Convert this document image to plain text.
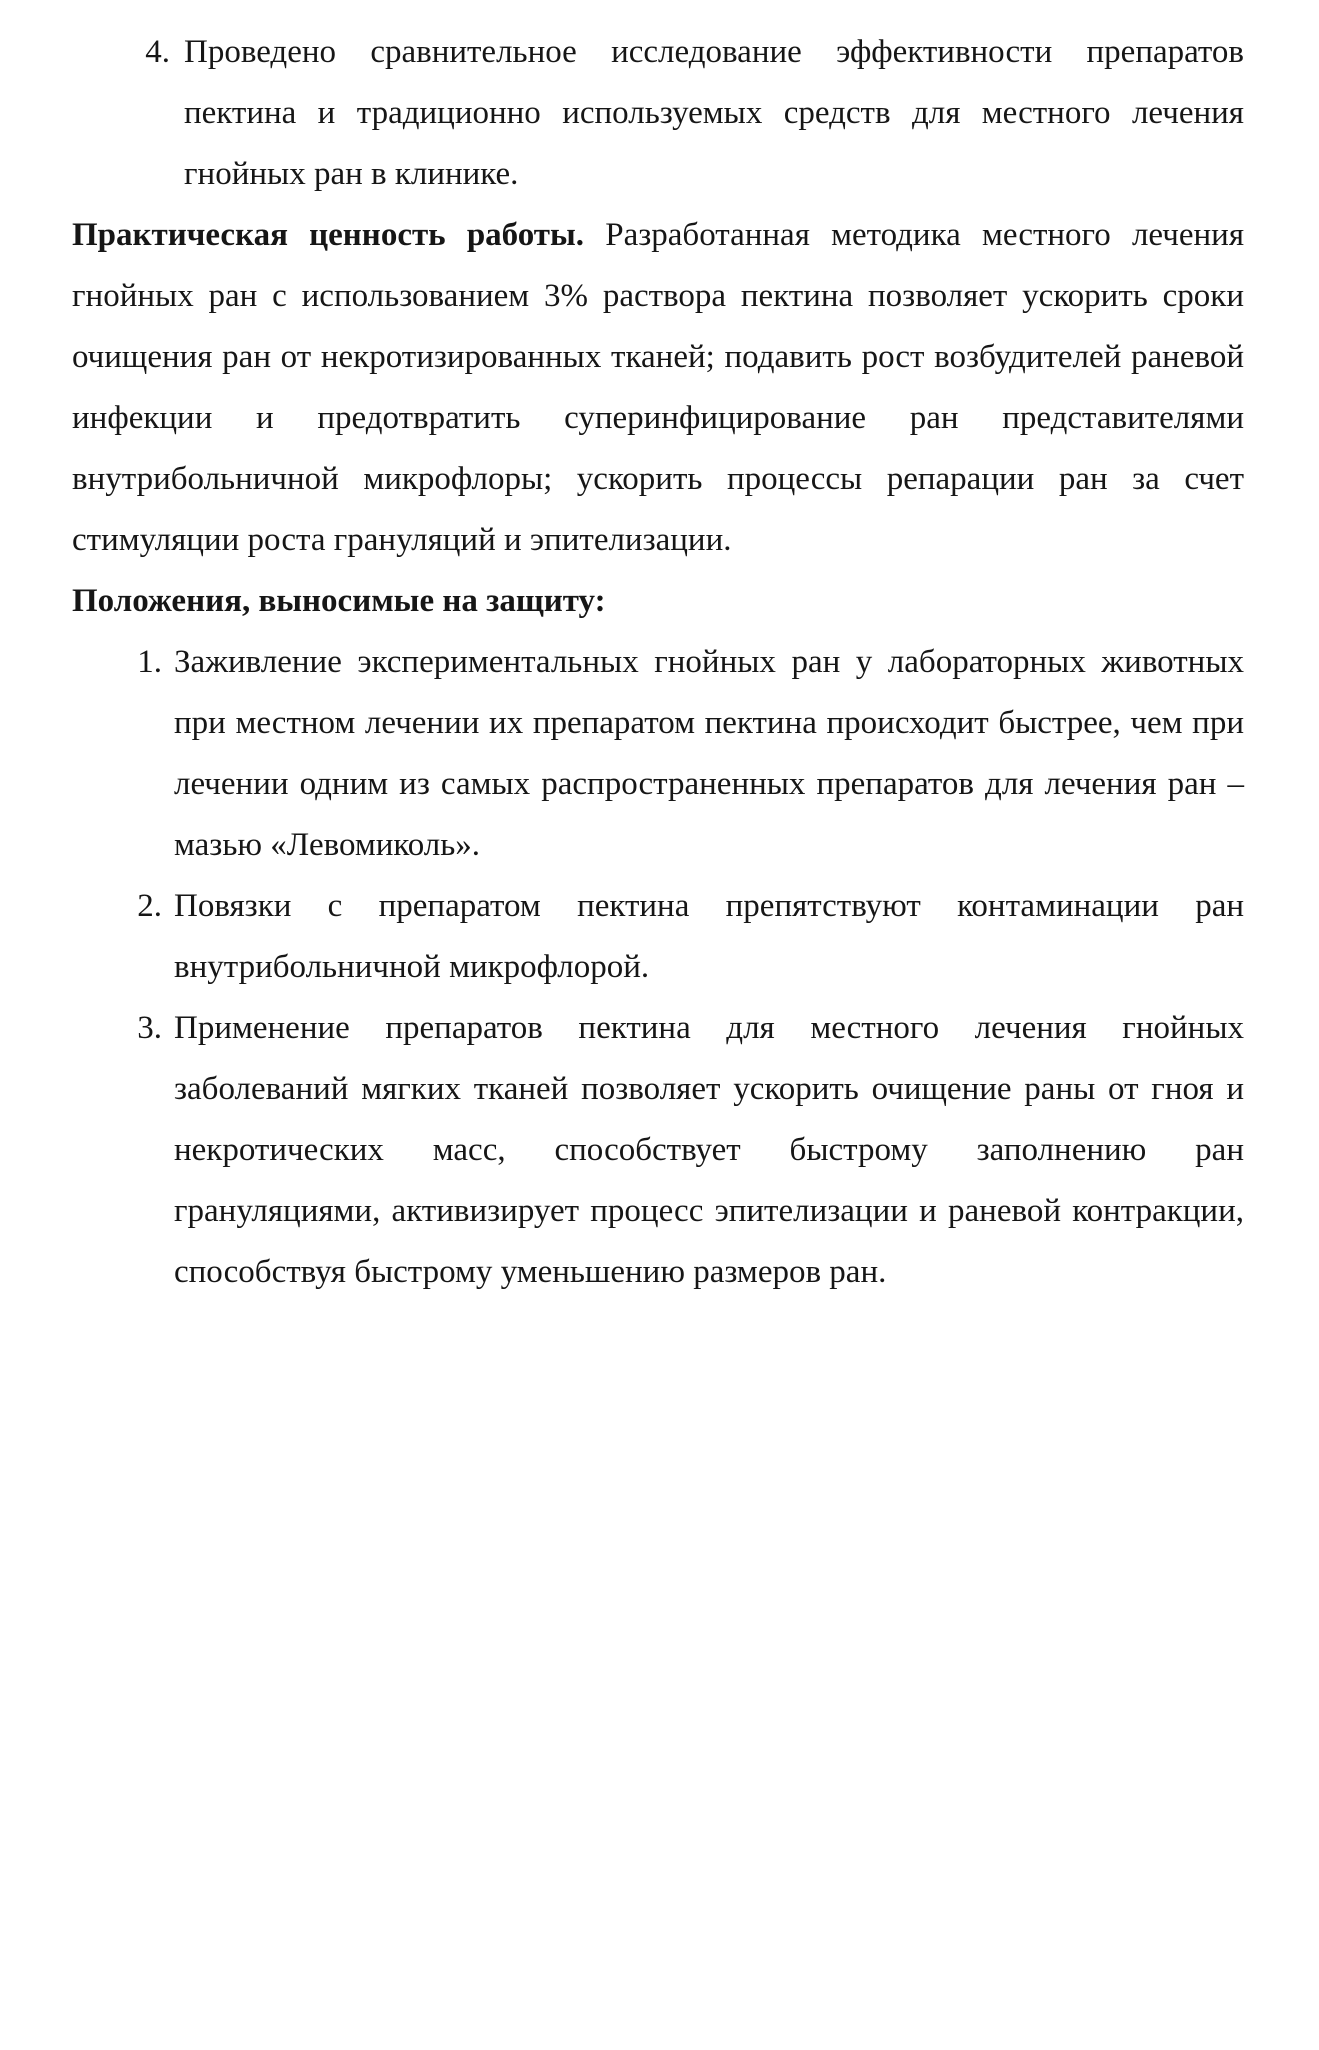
4. Проведено сравнительное исследование эффективности препаратов пектина и традиционно используемых средств для местного лечения гнойных ран в клинике.
Практическая ценность работы. Разработанная методика местного лечения гнойных ран с использованием 3% раствора пектина позволяет ускорить сроки очищения ран от некротизированных тканей; подавить рост возбудителей раневой инфекции и предотвратить суперинфицирование ран представителями внутрибольничной микрофлоры; ускорить процессы репарации ран за счет стимуляции роста грануляций и эпителизации.
Положения, выносимые на защиту:
1. Заживление экспериментальных гнойных ран у лабораторных животных при местном лечении их препаратом пектина происходит быстрее, чем при лечении одним из самых распространенных препаратов для лечения ран – мазью «Левомиколь».
2. Повязки с препаратом пектина препятствуют контаминации ран внутрибольничной микрофлорой.
3. Применение препаратов пектина для местного лечения гнойных заболеваний мягких тканей позволяет ускорить очищение раны от гноя и некротических масс, способствует быстрому заполнению ран грануляциями, активизирует процесс эпителизации и раневой контракции, способствуя быстрому уменьшению размеров ран.
